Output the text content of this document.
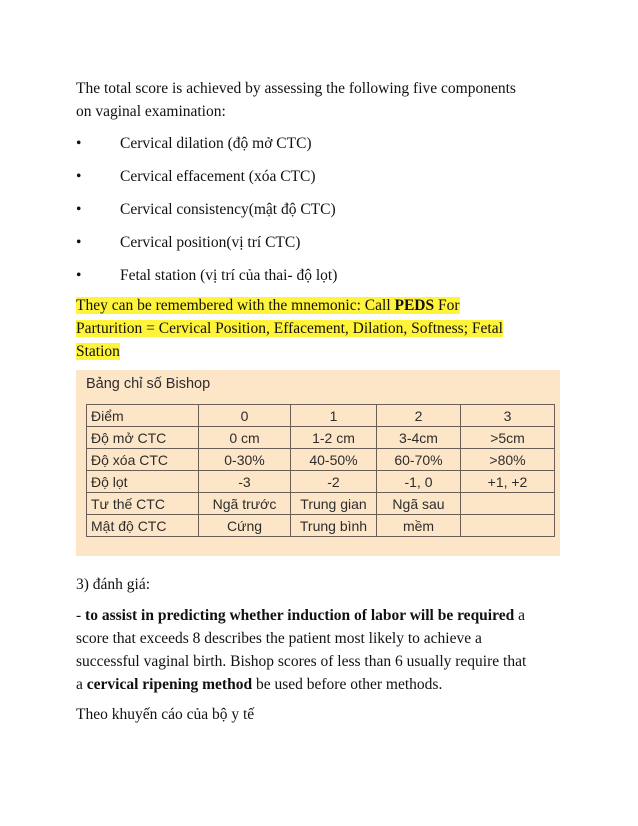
The total score is achieved by assessing the following five components
on vaginal examination:
• Cervical dilation (độ mở CTC)
• Cervical effacement (xóa CTC)
• Cervical consistency(mật độ CTC)
• Cervical position(vị trí CTC)
• Fetal station (vị trí của thai- độ lọt)
They can be remembered with the mnemonic: Call PEDS For
Parturition = Cervical Position, Effacement, Dilation, Softness; Fetal
Station
Bảng chỉ số Bishop
Điểm	0	1	2	3
Độ mở CTC	0 cm	1-2 cm	3-4cm	>5cm
Độ xóa CTC	0-30%	40-50%	60-70%	>80%
Độ lọt	-3	-2	-1, 0	+1, +2
Tư thế CTC	Ngã trước	Trung gian	Ngã sau	
Mật độ CTC	Cứng	Trung bình	mềm	
3) đánh giá:
- to assist in predicting whether induction of labor will be required a
score that exceeds 8 describes the patient most likely to achieve a
successful vaginal birth. Bishop scores of less than 6 usually require that
a cervical ripening method be used before other methods.
Theo khuyến cáo của bộ y tế
